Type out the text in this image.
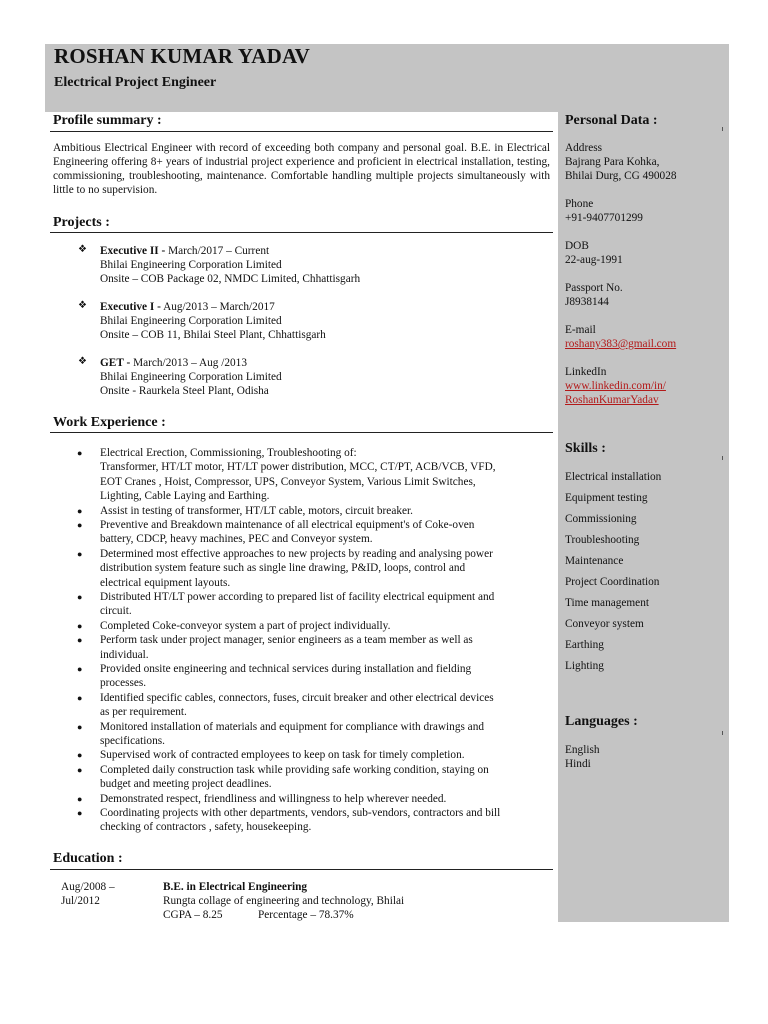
ROSHAN KUMAR YADAV
Electrical Project Engineer
Profile summary :
Ambitious Electrical Engineer with record of exceeding both company and personal goal. B.E. in Electrical Engineering offering 8+ years of industrial project experience and proficient in electrical installation, testing, commissioning, troubleshooting, maintenance. Comfortable handling multiple projects simultaneously with little to no supervision.
Projects :
❖ Executive II - March/2017 – Current
Bhilai Engineering Corporation Limited
Onsite – COB Package 02, NMDC Limited, Chhattisgarh
❖ Executive I - Aug/2013 – March/2017
Bhilai Engineering Corporation Limited
Onsite – COB 11, Bhilai Steel Plant, Chhattisgarh
❖ GET - March/2013 – Aug /2013
Bhilai Engineering Corporation Limited
Onsite - Raurkela Steel Plant, Odisha
Work Experience :
● Electrical Erection, Commissioning, Troubleshooting of:
Transformer, HT/LT motor, HT/LT power distribution, MCC, CT/PT, ACB/VCB, VFD,
EOT Cranes , Hoist, Compressor, UPS, Conveyor System, Various Limit Switches,
Lighting, Cable Laying and Earthing.
● Assist in testing of transformer, HT/LT cable, motors, circuit breaker.
● Preventive and Breakdown maintenance of all electrical equipment's of Coke-oven
battery, CDCP, heavy machines, PEC and Conveyor system.
● Determined most effective approaches to new projects by reading and analysing power
distribution system feature such as single line drawing, P&ID, loops, control and
electrical equipment layouts.
● Distributed HT/LT power according to prepared list of facility electrical equipment and
circuit.
● Completed Coke-conveyor system a part of project individually.
● Perform task under project manager, senior engineers as a team member as well as
individual.
● Provided onsite engineering and technical services during installation and fielding
processes.
● Identified specific cables, connectors, fuses, circuit breaker and other electrical devices
as per requirement.
● Monitored installation of materials and equipment for compliance with drawings and
specifications.
● Supervised work of contracted employees to keep on task for timely completion.
● Completed daily construction task while providing safe working condition, staying on
budget and meeting project deadlines.
● Demonstrated respect, friendliness and willingness to help wherever needed.
● Coordinating projects with other departments, vendors, sub-vendors, contractors and bill
checking of contractors , safety, housekeeping.
Education :
Aug/2008 –
Jul/2012
B.E. in Electrical Engineering
Rungta collage of engineering and technology, Bhilai
CGPA – 8.25	Percentage – 78.37%
Personal Data :
Address
Bajrang Para Kohka,
Bhilai Durg, CG 490028
Phone
+91-9407701299
DOB
22-aug-1991
Passport No.
J8938144
E-mail
roshany383@gmail.com
LinkedIn
www.linkedin.com/in/
RoshanKumarYadav
Skills :
Electrical installation
Equipment testing
Commissioning
Troubleshooting
Maintenance
Project Coordination
Time management
Conveyor system
Earthing
Lighting
Languages :
English
Hindi
